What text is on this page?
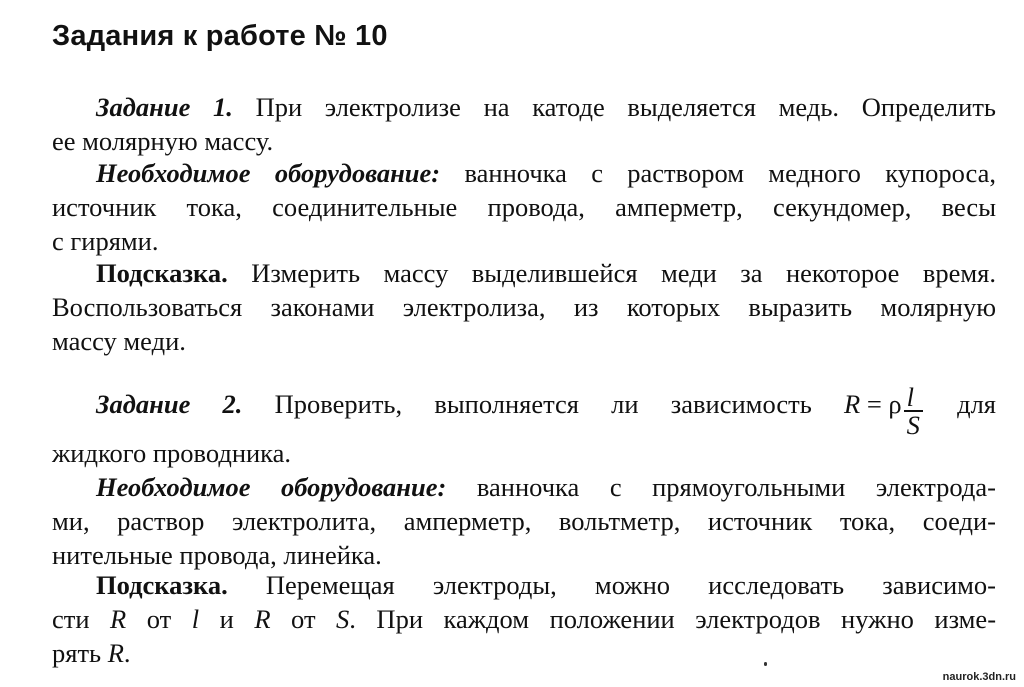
Задания к работе № 10
Задание 1. При электролизе на катоде выделяется медь. Определить
ее молярную массу.
Необходимое оборудование: ванночка с раствором медного купороса,
источник тока, соединительные провода, амперметр, секундомер, весы
с гирями.
Подсказка. Измерить массу выделившейся меди за некоторое время.
Воспользоваться законами электролиза, из которых выразить молярную
массу меди.
Задание 2. Проверить, выполняется ли зависимость R = ρ $\frac{l}{S}$ для
жидкого проводника.
Необходимое оборудование: ванночка с прямоугольными электрода-
ми, раствор электролита, амперметр, вольтметр, источник тока, соеди-
нительные провода, линейка.
Подсказка. Перемещая электроды, можно исследовать зависимо-
сти R от l и R от S. При каждом положении электродов нужно изме-
рять R.
naurok.3dn.ru
